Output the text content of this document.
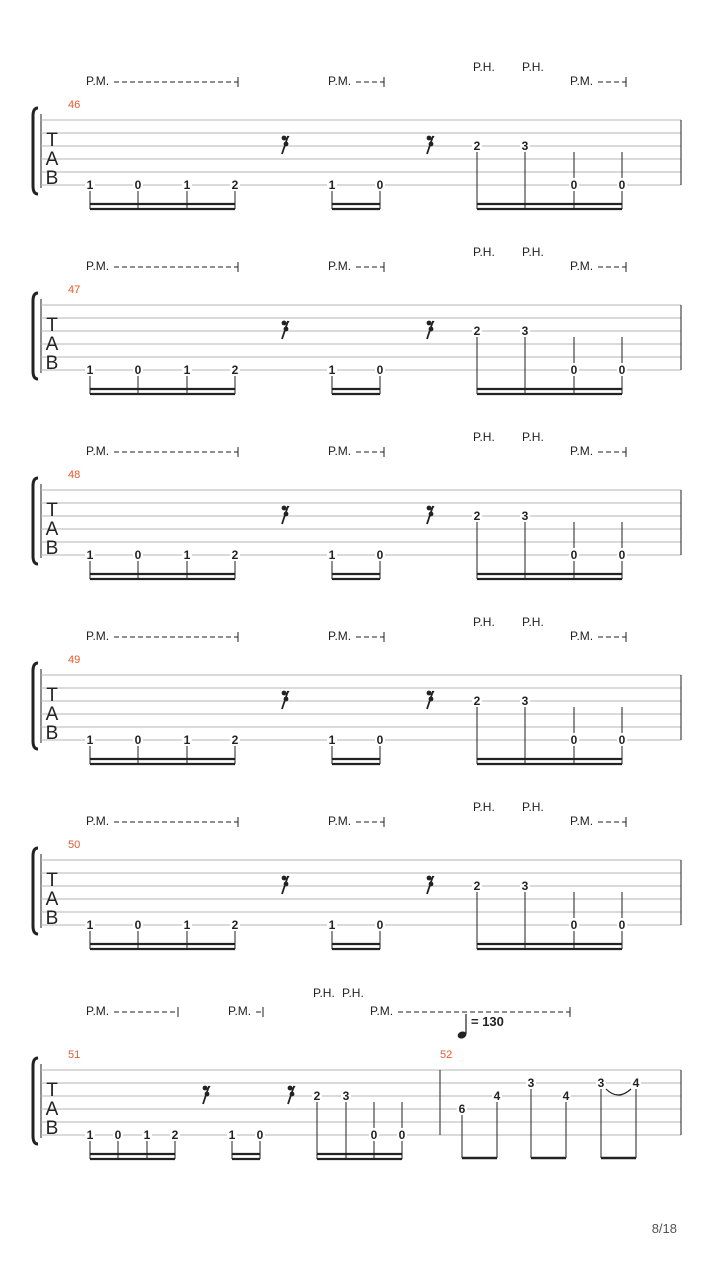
P.M.	P.M.
P.H. P.H.
P.M.
46
T
A
B 1	0	1	2	1	0
2	3
0	0
P.M.	P.M.
P.H. P.H.
P.M.
47
T
A
B 1	0	1	2	1	0
2	3
0	0
P.M.	P.M.
P.H. P.H.
P.M.
48
T
A
B 1	0	1	2	1	0
2	3
0	0
P.M.	P.M.
P.H. P.H.
P.M.
49
T
A
B 1	0	1	2	1	0
2	3
0	0
P.M.	P.M.
P.H. P.H.
P.M.
50
T
A
B 1	0	1	2	1	0
2	3
0	0
P.M.	P.M.
P.H. P.H.
P.M.
= 130
51	52
T
A
B 1 0 1 2	1 0
2 3
0 0
6
4
3
4
3 4
8/18
